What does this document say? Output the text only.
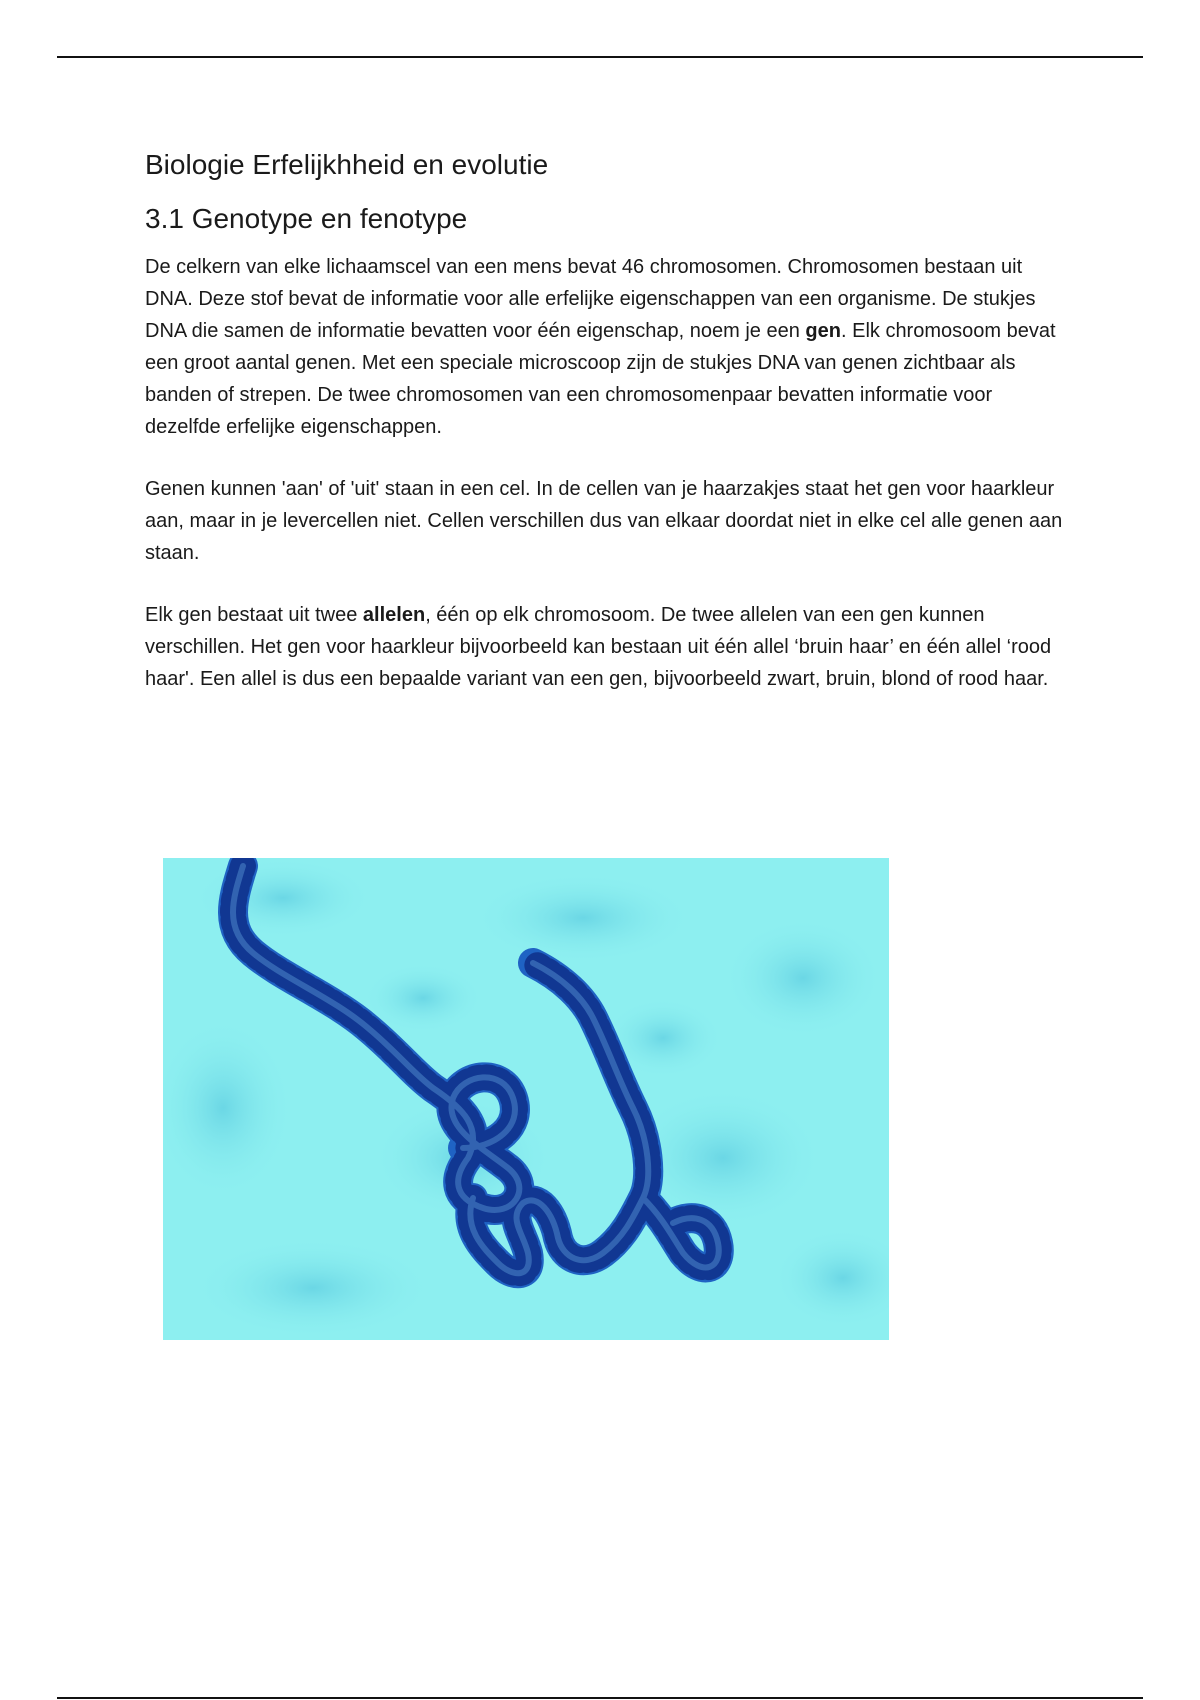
Biologie Erfelijkhheid en evolutie
3.1 Genotype en fenotype

De celkern van elke lichaamscel van een mens bevat 46 chromosomen. Chromosomen bestaan uit DNA. Deze stof bevat de informatie voor alle erfelijke eigenschappen van een organisme. De stukjes DNA die samen de informatie bevatten voor één eigenschap, noem je een gen. Elk chromosoom bevat een groot aantal genen. Met een speciale microscoop zijn de stukjes DNA van genen zichtbaar als banden of strepen. De twee chromosomen van een chromosomenpaar bevatten informatie voor dezelfde erfelijke eigenschappen.

Genen kunnen 'aan' of 'uit' staan in een cel. In de cellen van je haarzakjes staat het gen voor haarkleur aan, maar in je levercellen niet. Cellen verschillen dus van elkaar doordat niet in elke cel alle genen aan staan.

Elk gen bestaat uit twee allelen, één op elk chromosoom. De twee allelen van een gen kunnen verschillen. Het gen voor haarkleur bijvoorbeeld kan bestaan uit één allel ‘bruin haar’ en één allel ‘rood haar'. Een allel is dus een bepaalde variant van een gen, bijvoorbeeld zwart, bruin, blond of rood haar.
